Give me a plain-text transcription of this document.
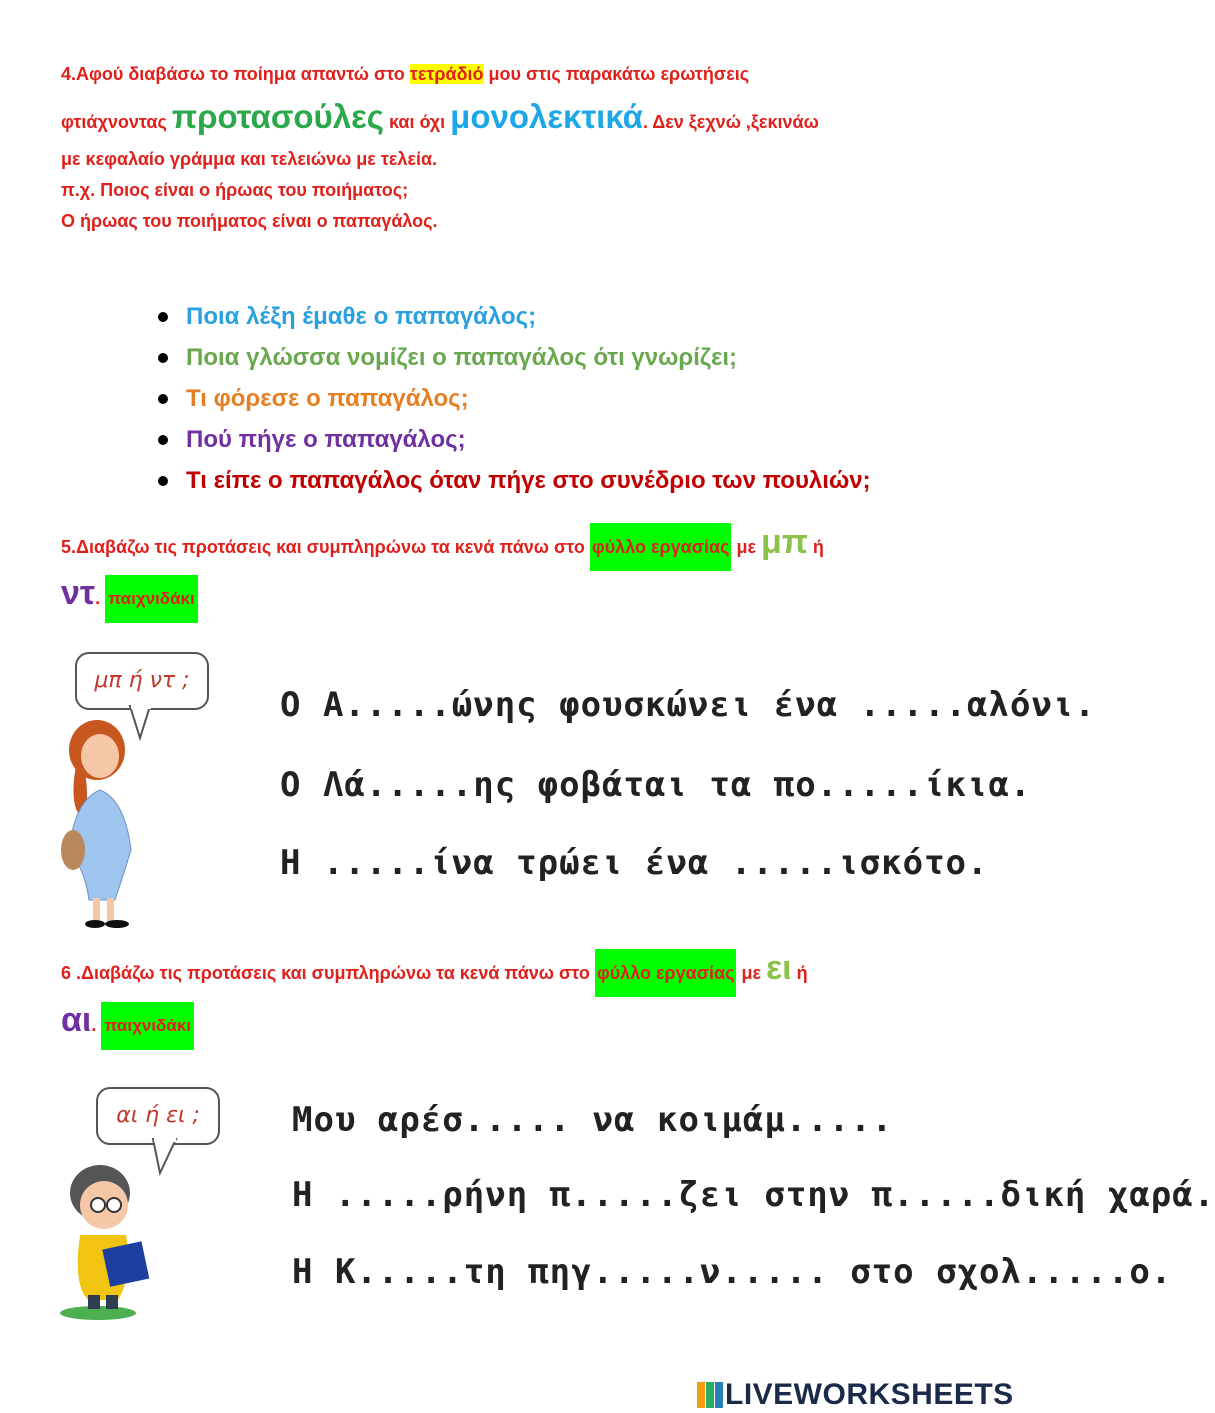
4.Αφού διαβάσω το ποίημα απαντώ στο τετράδιό μου στις παρακάτω ερωτήσεις
φτιάχνοντας προτασούλες και όχι μονολεκτικά. Δεν ξεχνώ ,ξεκινάω
με κεφαλαίο γράμμα και τελειώνω με τελεία.
π.χ. Ποιος είναι ο ήρωας του ποιήματος;
Ο ήρωας του ποιήματος είναι ο παπαγάλος.
Ποια λέξη έμαθε ο παπαγάλος;
Ποια γλώσσα νομίζει ο παπαγάλος ότι γνωρίζει;
Τι φόρεσε ο παπαγάλος;
Πού πήγε ο παπαγάλος;
Τι είπε ο παπαγάλος όταν πήγε στο συνέδριο των πουλιών;
5.Διαβάζω τις προτάσεις και συμπληρώνω τα κενά πάνω στο φύλλο εργασίας με μπ ή
ντ. παιχνιδάκι
μπ ή ντ ;
Ο Α.....ώνης φουσκώνει ένα .....αλόνι.
Ο Λά.....ης φοβάται τα πο.....ίκια.
Η .....ίνα τρώει ένα .....ισκότο.
6 .Διαβάζω τις προτάσεις και συμπληρώνω τα κενά πάνω στο φύλλο εργασίας με ει ή
αι. παιχνιδάκι
αι ή ει ;	Μου αρέσ..... να κοιμάμ.....
Η .....ρήνη π.....ζει στην π.....δική χαρά.
Η Κ.....τη πηγ.....ν..... στο σχολ.....ο.
LIVEWORKSHEETS
